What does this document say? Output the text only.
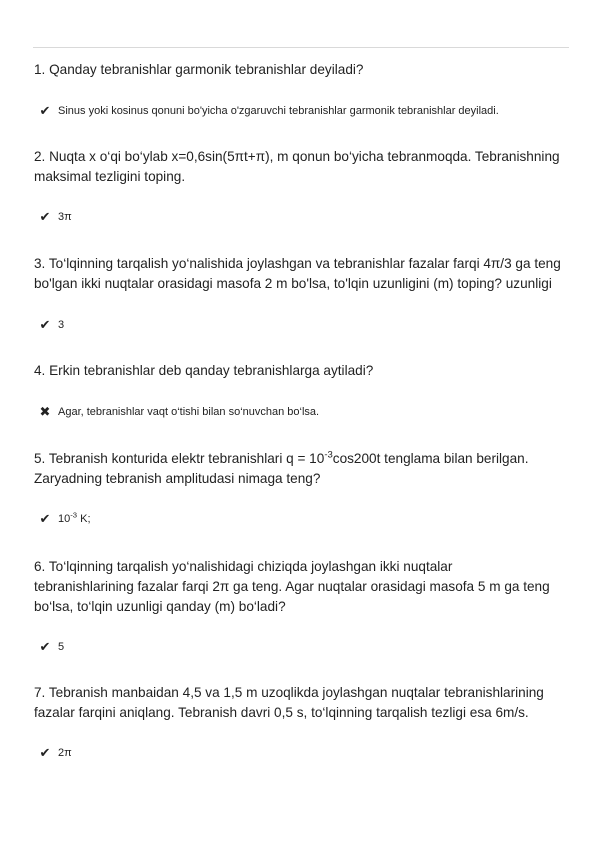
1. Qanday tebranishlar garmonik tebranishlar deyiladi?
✔ Sinus yoki kosinus qonuni bo'yicha o'zgaruvchi tebranishlar garmonik tebranishlar deyiladi.
2. Nuqta x o‘qi bo‘ylab x=0,6sin(5πt+π), m qonun bo‘yicha tebranmoqda. Tebranishning
maksimal tezligini toping.
✔ 3π
3. To‘lqinning tarqalish yo‘nalishida joylashgan va tebranishlar fazalar farqi 4π/3 ga teng
bo'lgan ikki nuqtalar orasidagi masofa 2 m bo'lsa, to'lqin uzunligini (m) toping? uzunligi
✔ 3
4. Erkin tebranishlar deb qanday tebranishlarga aytiladi?
✖ Agar, tebranishlar vaqt o‘tishi bilan so‘nuvchan bo‘lsa.
5. Tebranish konturida elektr tebranishlari $q = 10^{-3}\cos 200t$ tenglama bilan berilgan.
Zaryadning tebranish amplitudasi nimaga teng?
✔ $10^{-3}$ K;
6. To‘lqinning tarqalish yo‘nalishidagi chiziqda joylashgan ikki nuqtalar
tebranishlarining fazalar farqi 2π ga teng. Agar nuqtalar orasidagi masofa 5 m ga teng
bo‘lsa, to‘lqin uzunligi qanday (m) bo‘ladi?
✔ 5
7. Tebranish manbaidan 4,5 va 1,5 m uzoqlikda joylashgan nuqtalar tebranishlarining
fazalar farqini aniqlang. Tebranish davri 0,5 s, to‘lqinning tarqalish tezligi esa 6m/s.
✔ 2π
